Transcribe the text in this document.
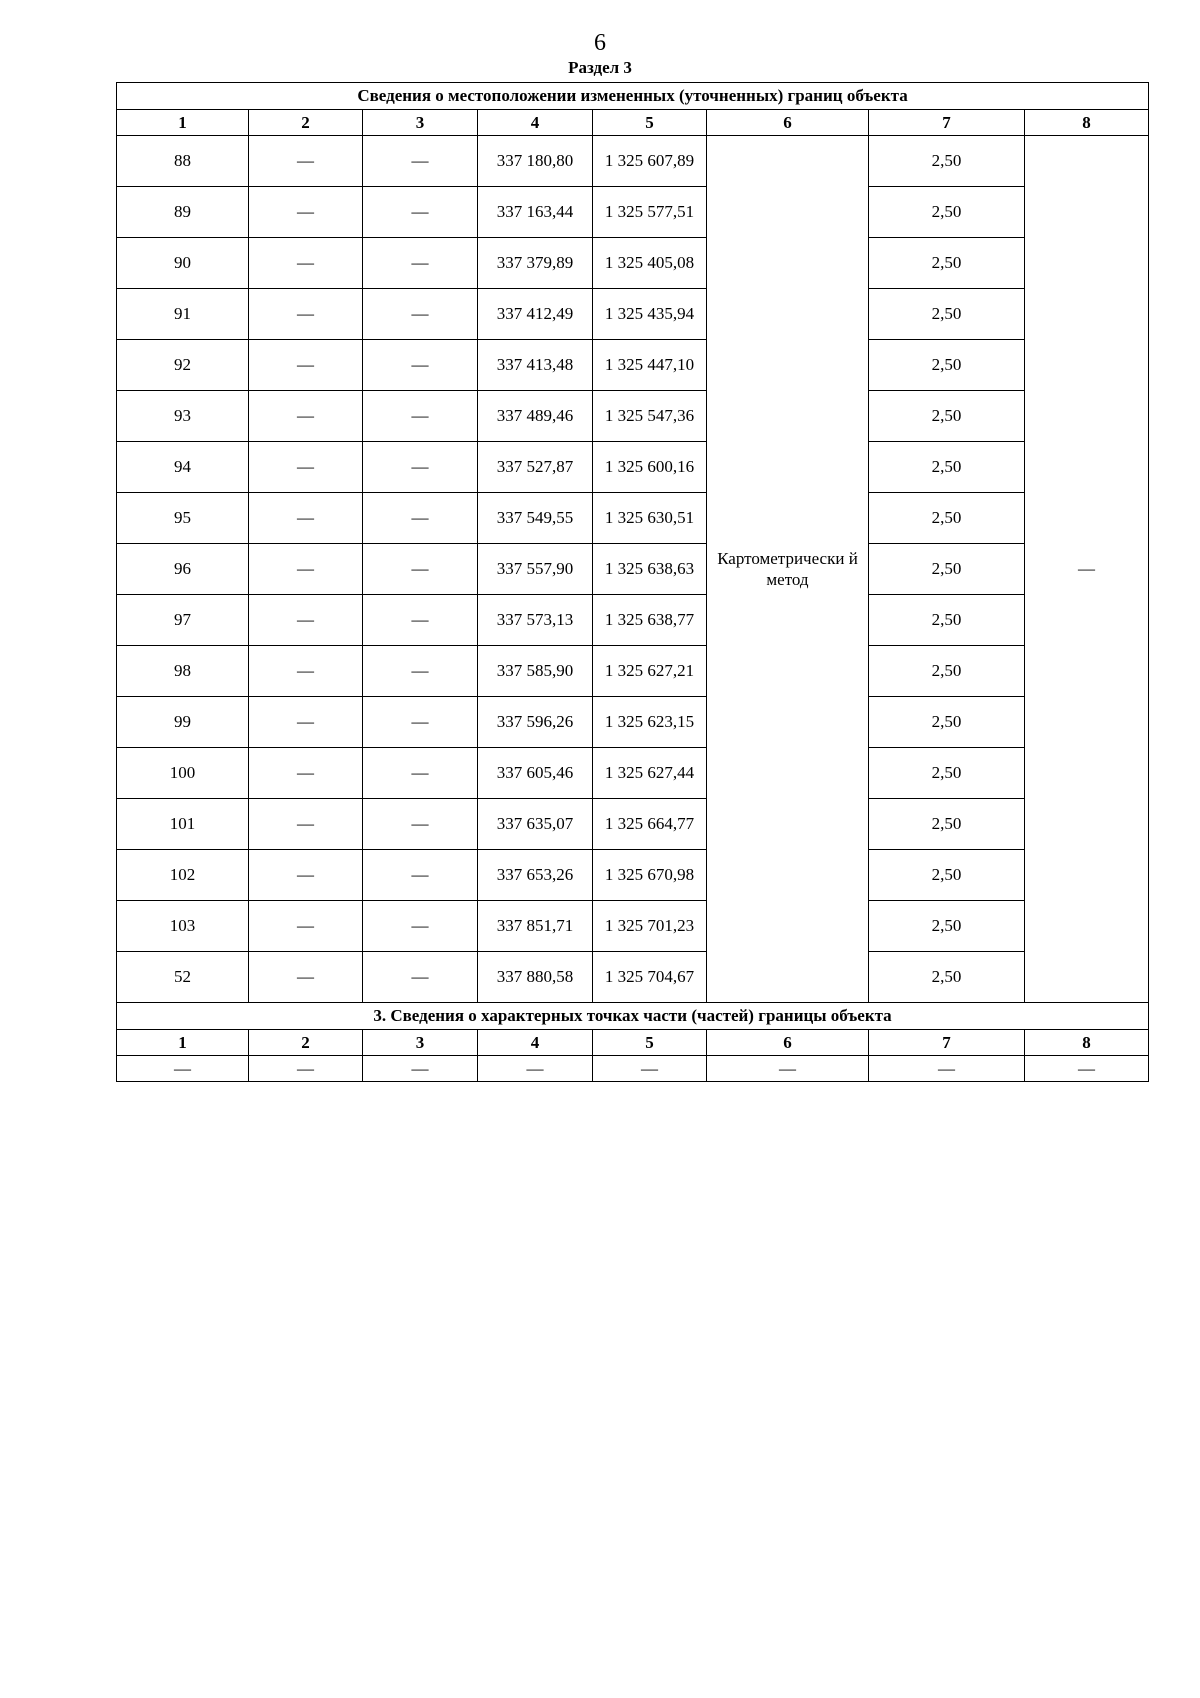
6
Раздел 3
Сведения о местоположении измененных (уточненных) границ объекта							
1	2	3	4	5	6	7	8
88	—	—	337 180,80	1 325 607,89	Картометрически й метод	2,50	—
89	—	—	337 163,44	1 325 577,51		2,50	
90	—	—	337 379,89	1 325 405,08		2,50	
91	—	—	337 412,49	1 325 435,94		2,50	
92	—	—	337 413,48	1 325 447,10		2,50	
93	—	—	337 489,46	1 325 547,36		2,50	
94	—	—	337 527,87	1 325 600,16		2,50	
95	—	—	337 549,55	1 325 630,51		2,50	
96	—	—	337 557,90	1 325 638,63		2,50	
97	—	—	337 573,13	1 325 638,77		2,50	
98	—	—	337 585,90	1 325 627,21		2,50	
99	—	—	337 596,26	1 325 623,15		2,50	
100	—	—	337 605,46	1 325 627,44		2,50	
101	—	—	337 635,07	1 325 664,77		2,50	
102	—	—	337 653,26	1 325 670,98		2,50	
103	—	—	337 851,71	1 325 701,23		2,50	
52	—	—	337 880,58	1 325 704,67		2,50	
3. Сведения о характерных точках части (частей) границы объекта							
1	2	3	4	5	6	7	8
—	—	—	—	—	—	—	—
